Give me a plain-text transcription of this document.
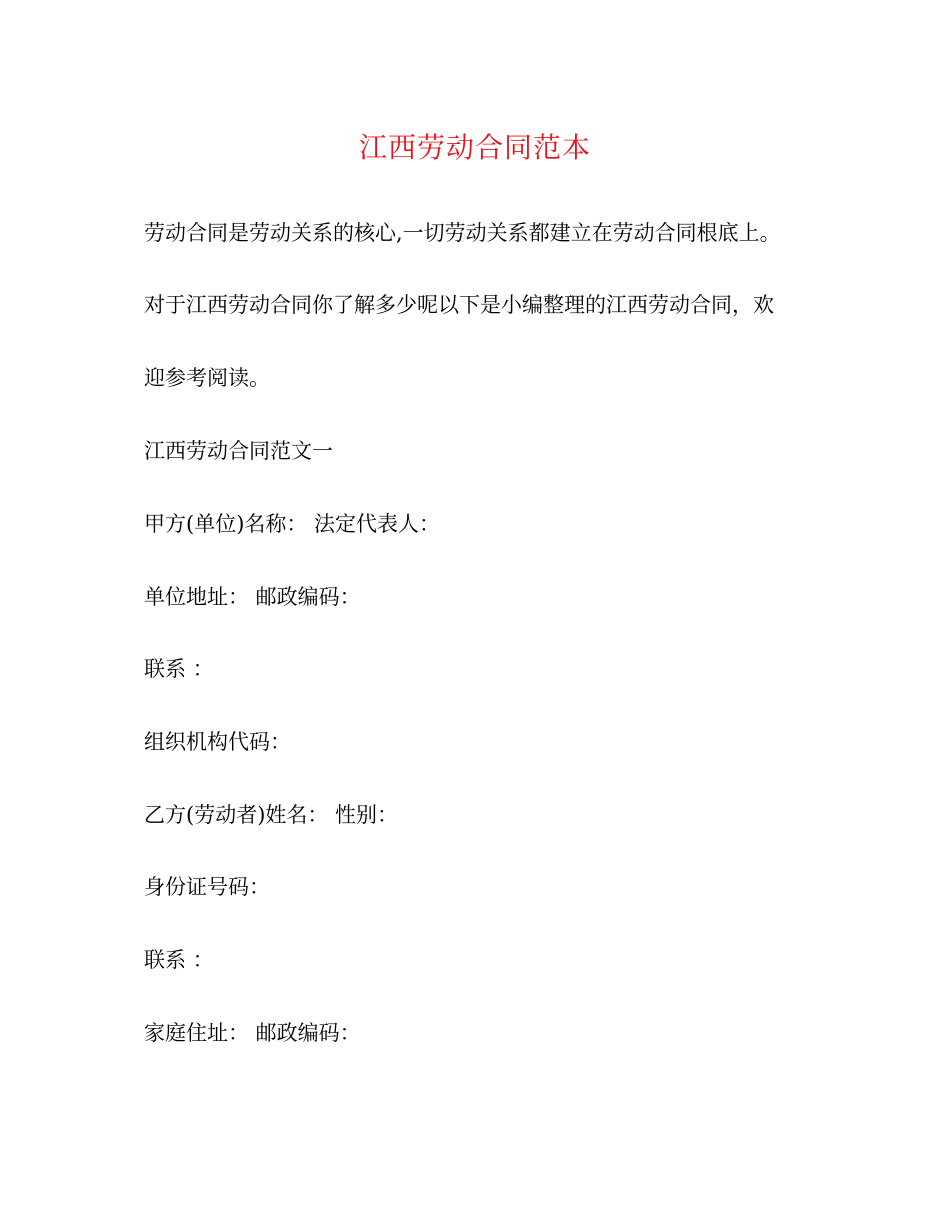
江西劳动合同范本
劳动合同是劳动关系的核心,一切劳动关系都建立在劳动合同根底上。
对于江西劳动合同你了解多少呢以下是小编整理的江西劳动合同，欢
迎参考阅读。
江西劳动合同范文一
甲方(单位)名称： 法定代表人：
单位地址： 邮政编码：
联系 ：
组织机构代码：
乙方(劳动者)姓名： 性别：
身份证号码：
联系 ：
家庭住址： 邮政编码：
